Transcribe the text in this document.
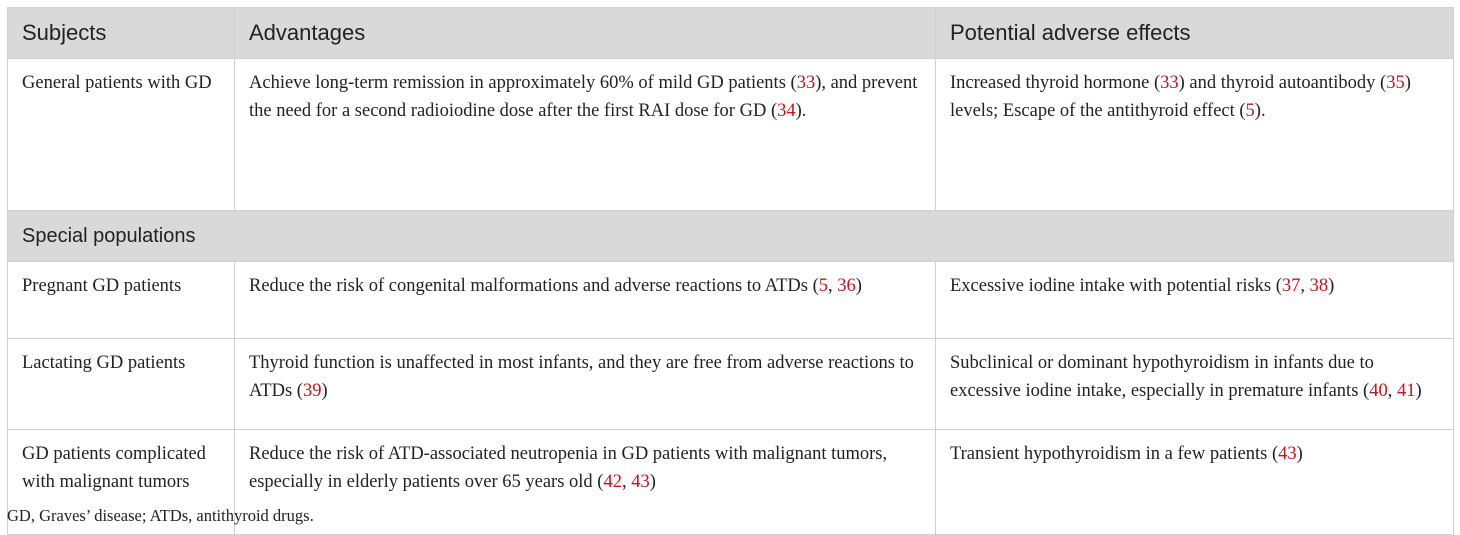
Subjects	Advantages	Potential adverse effects
General patients with GD	Achieve long-term remission in approximately 60% of mild GD patients (33), and prevent the need for a second radioiodine dose after the first RAI dose for GD (34).	Increased thyroid hormone (33) and thyroid autoantibody (35) levels; Escape of the antithyroid effect (5).
Special populations		
Pregnant GD patients	Reduce the risk of congenital malformations and adverse reactions to ATDs (5, 36)	Excessive iodine intake with potential risks (37, 38)
Lactating GD patients	Thyroid function is unaffected in most infants, and they are free from adverse reactions to ATDs (39)	Subclinical or dominant hypothyroidism in infants due to excessive iodine intake, especially in premature infants (40, 41)
GD patients complicated with malignant tumors	Reduce the risk of ATD-associated neutropenia in GD patients with malignant tumors, especially in elderly patients over 65 years old (42, 43)	Transient hypothyroidism in a few patients (43)
GD, Graves’ disease; ATDs, antithyroid drugs.
